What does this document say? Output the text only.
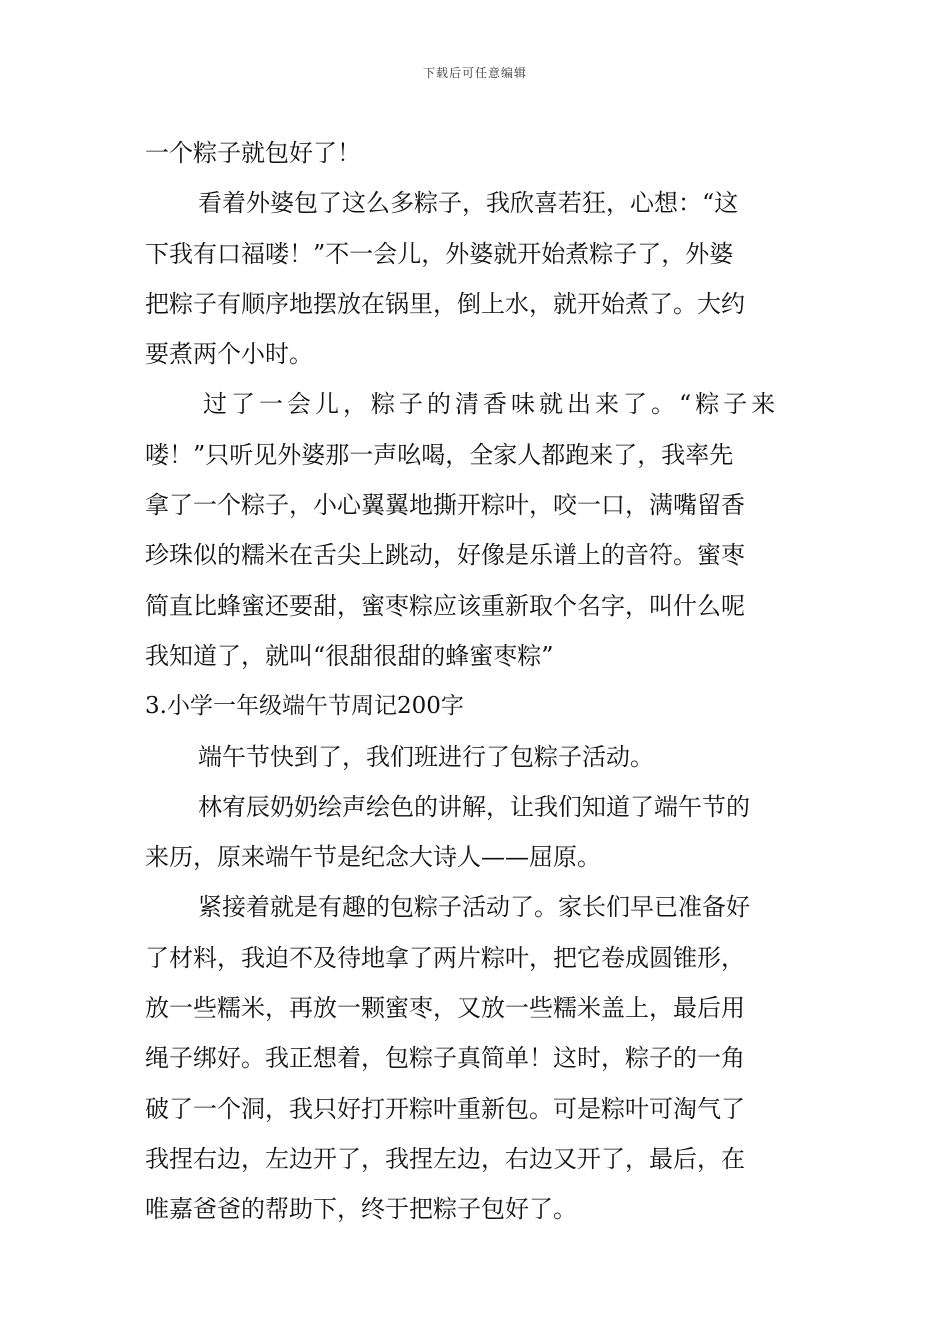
下载后可任意编辑
一个粽子就包好了！
看着外婆包了这么多粽子，我欣喜若狂，心想：“这
下我有口福喽！”不一会儿，外婆就开始煮粽子了，外婆
把粽子有顺序地摆放在锅里，倒上水，就开始煮了。大约
要煮两个小时。
过了一会儿，粽子的清香味就出来了。“粽子来
喽！”只听见外婆那一声吆喝，全家人都跑来了，我率先
拿了一个粽子，小心翼翼地撕开粽叶，咬一口，满嘴留香
珍珠似的糯米在舌尖上跳动，好像是乐谱上的音符。蜜枣
简直比蜂蜜还要甜，蜜枣粽应该重新取个名字，叫什么呢
我知道了，就叫“很甜很甜的蜂蜜枣粽”
3.小学一年级端午节周记200字
端午节快到了，我们班进行了包粽子活动。
林宥辰奶奶绘声绘色的讲解，让我们知道了端午节的
来历，原来端午节是纪念大诗人——屈原。
紧接着就是有趣的包粽子活动了。家长们早已准备好
了材料，我迫不及待地拿了两片粽叶，把它卷成圆锥形，
放一些糯米，再放一颗蜜枣，又放一些糯米盖上，最后用
绳子绑好。我正想着，包粽子真简单！这时，粽子的一角
破了一个洞，我只好打开粽叶重新包。可是粽叶可淘气了
我捏右边，左边开了，我捏左边，右边又开了，最后，在
唯嘉爸爸的帮助下，终于把粽子包好了。
